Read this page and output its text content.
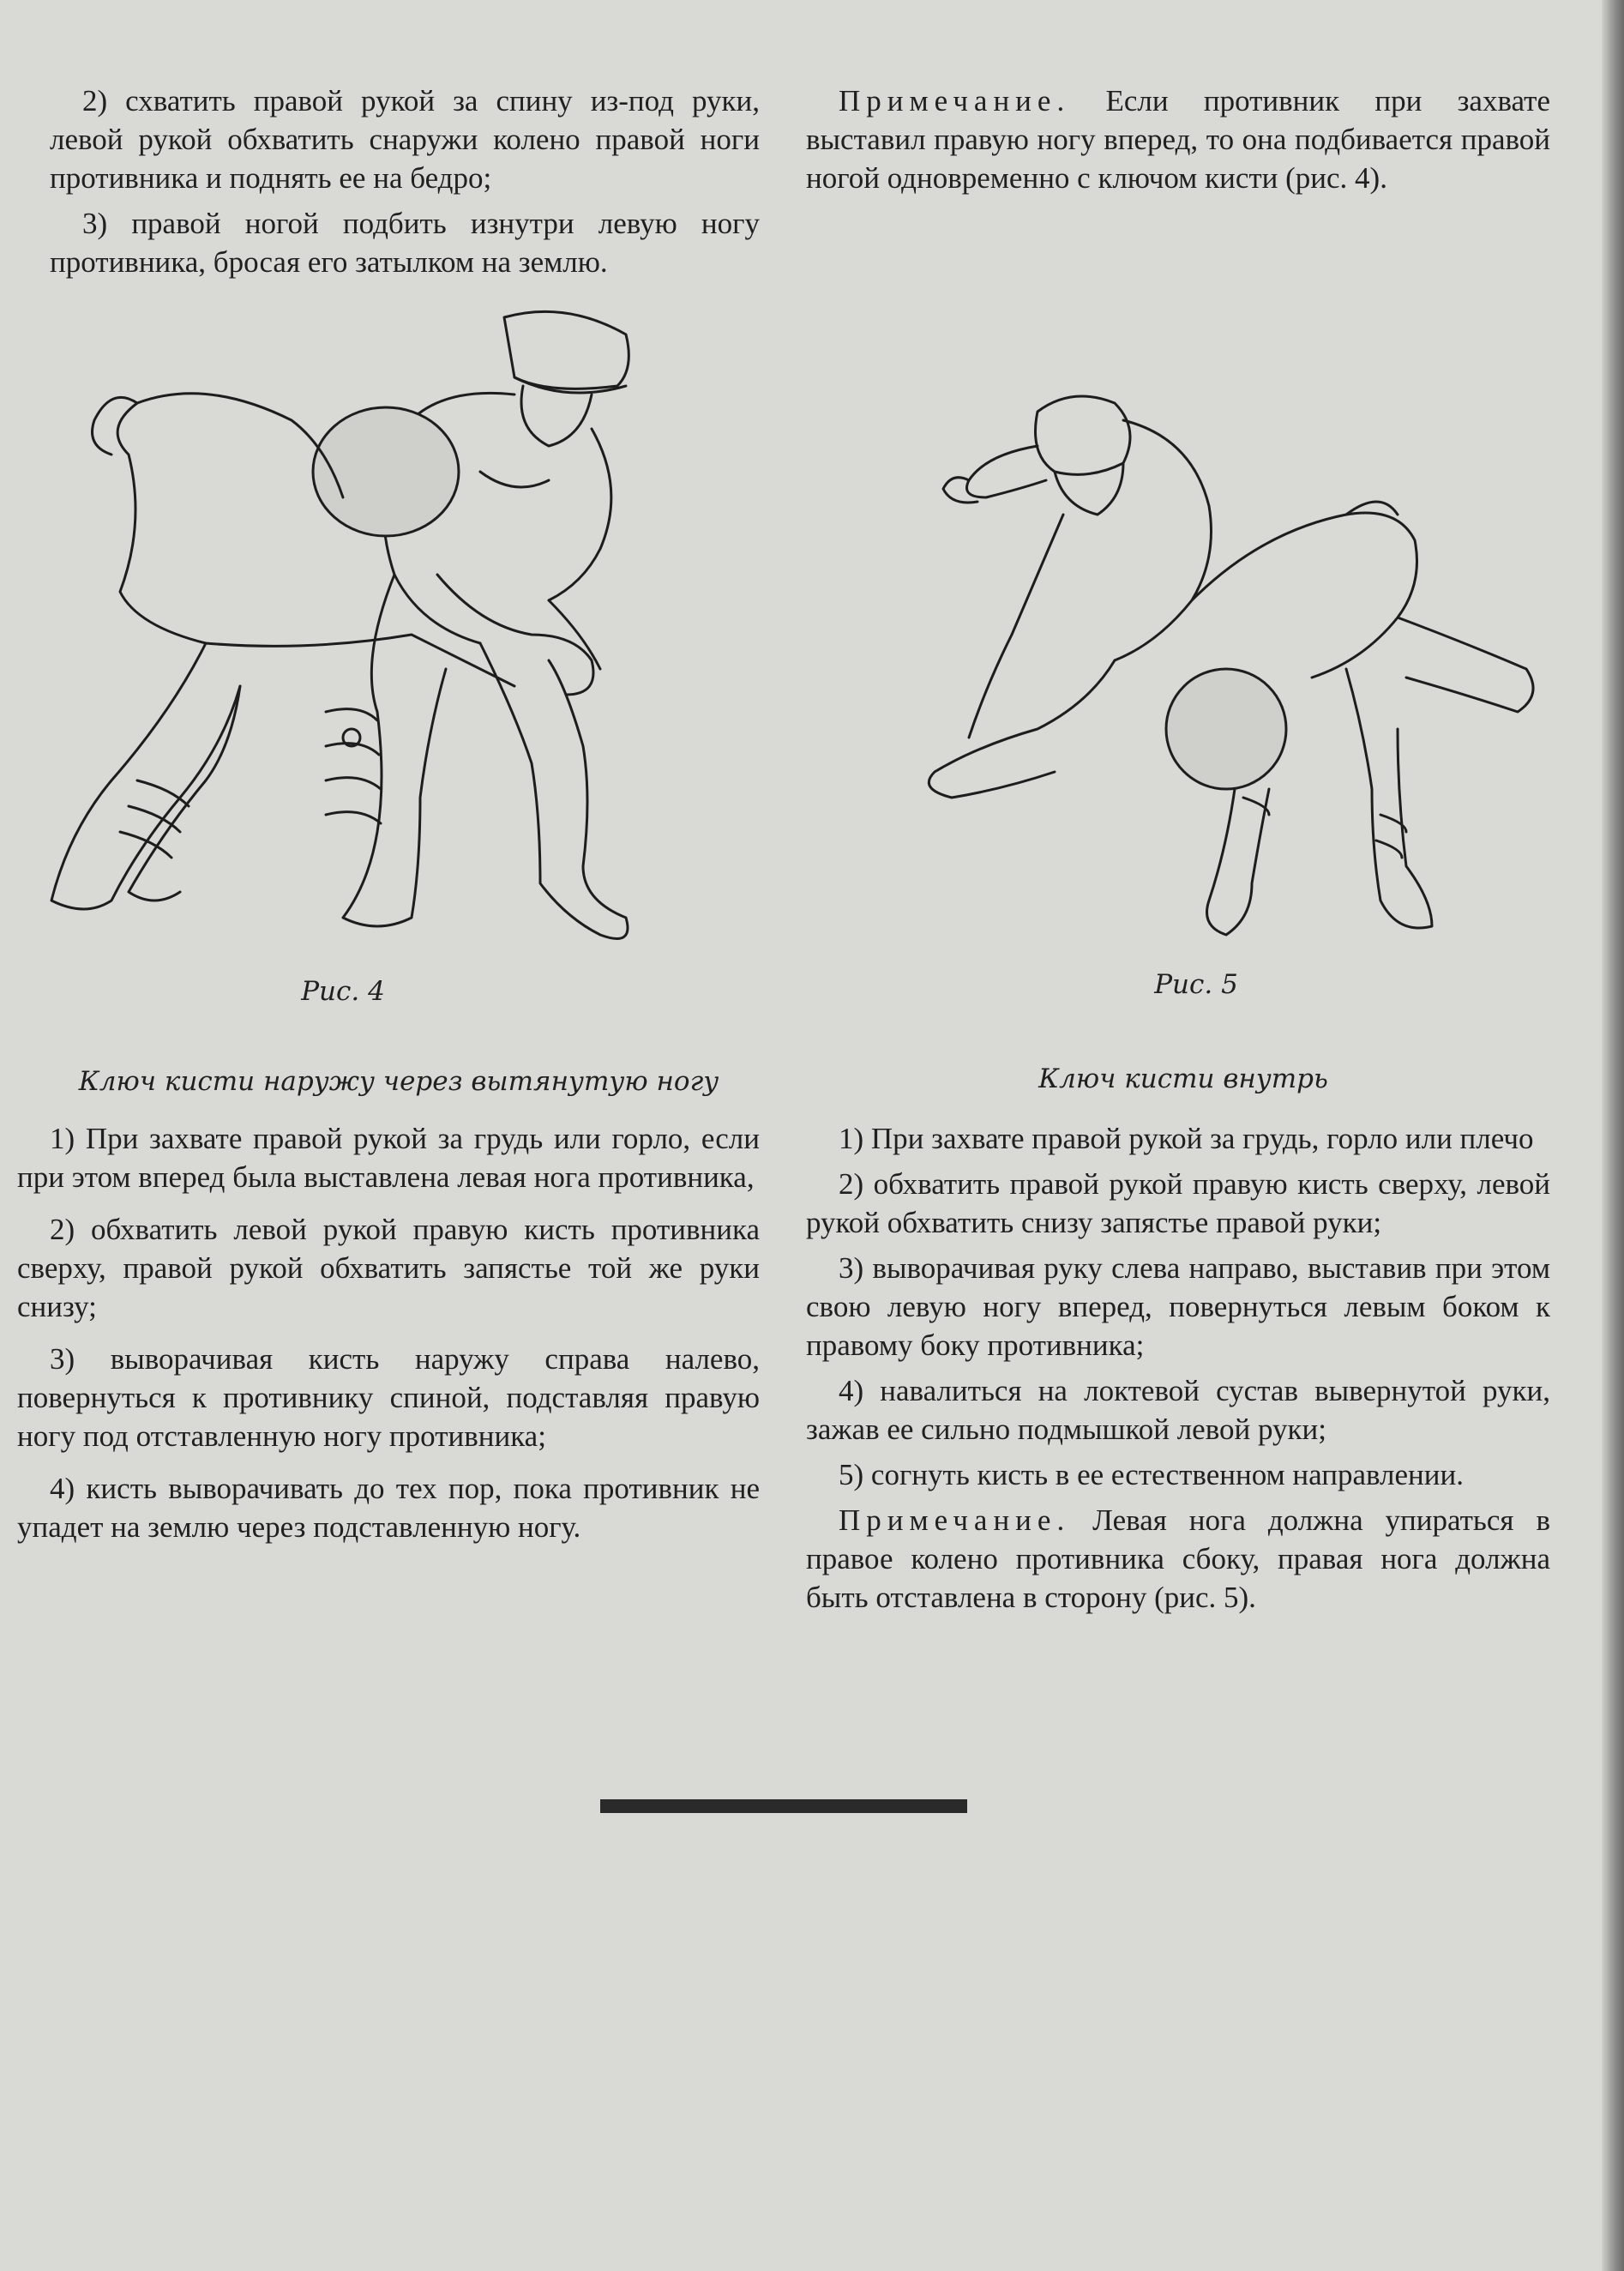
2) схватить правой рукой за спину из-под руки, левой рукой обхватить снаружи колено правой ноги противника и поднять ее на бедро;

3) правой ногой подбить изнутри левую ногу противника, бросая его затылком на землю.

Примечание. Если противник при захвате выставил правую ногу вперед, то она подбивается правой ногой одновременно с ключом кисти (рис. 4).

Рис. 4	Рис. 5
Ключ кисти наружу через вытянутую ногу	Ключ кисти внутрь

1) При захвате правой рукой за грудь или горло, если при этом вперед была выставлена левая нога противника,

2) обхватить левой рукой правую кисть противника сверху, правой рукой обхватить запястье той же руки снизу;

3) выворачивая кисть наружу справа налево, повернуться к противнику спиной, подставляя правую ногу под отставленную ногу противника;

4) кисть выворачивать до тех пор, пока противник не упадет на землю через подставленную ногу.

1) При захвате правой рукой за грудь, горло или плечо

2) обхватить правой рукой правую кисть сверху, левой рукой обхватить снизу запястье правой руки;

3) выворачивая руку слева направо, выставив при этом свою левую ногу вперед, повернуться левым боком к правому боку противника;

4) навалиться на локтевой сустав вывернутой руки, зажав ее сильно подмышкой левой руки;

5) согнуть кисть в ее естественном направлении.

Примечание. Левая нога должна упираться в правое колено противника сбоку, правая нога должна быть отставлена в сторону (рис. 5).
